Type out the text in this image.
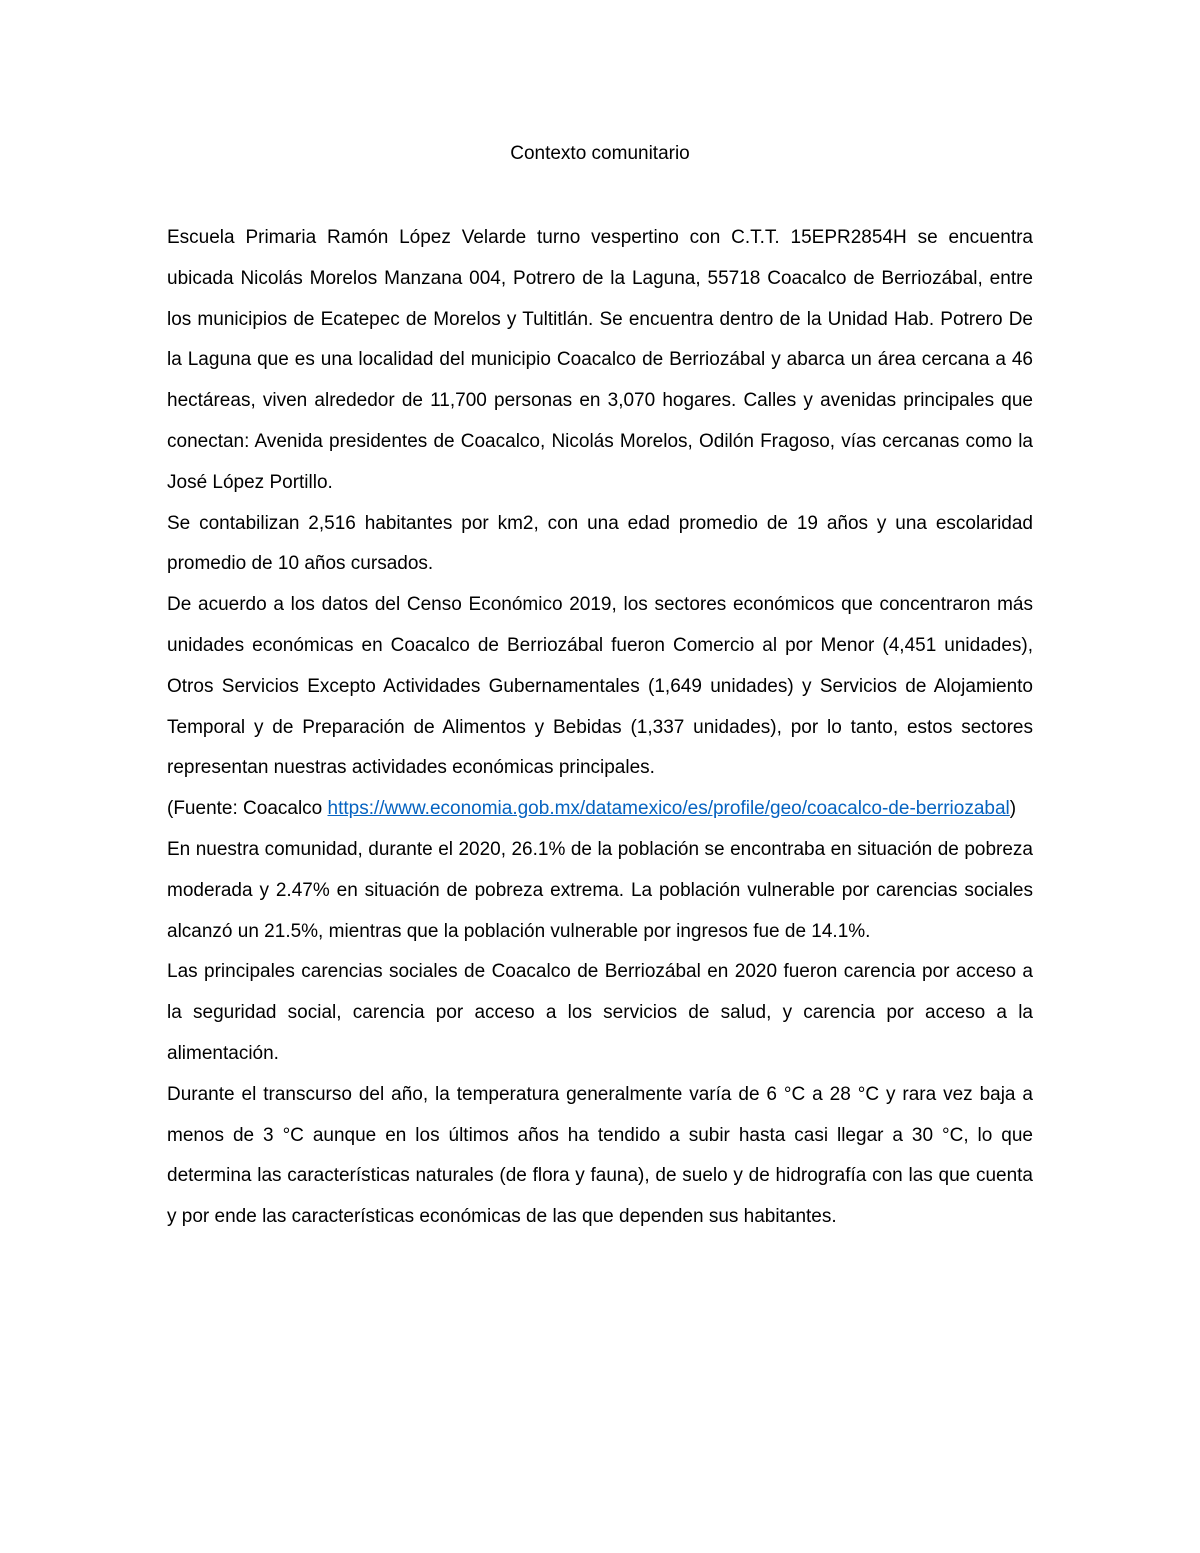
Contexto comunitario

Escuela Primaria Ramón López Velarde turno vespertino con C.T.T. 15EPR2854H se encuentra ubicada Nicolás Morelos Manzana 004, Potrero de la Laguna, 55718 Coacalco de Berriozábal, entre los municipios de Ecatepec de Morelos y Tultitlán. Se encuentra dentro de la Unidad Hab. Potrero De la Laguna que es una localidad del municipio Coacalco de Berriozábal y abarca un área cercana a 46 hectáreas, viven alrededor de 11,700 personas en 3,070 hogares. Calles y avenidas principales que conectan: Avenida presidentes de Coacalco, Nicolás Morelos, Odilón Fragoso, vías cercanas como la José López Portillo.

Se contabilizan 2,516 habitantes por km2, con una edad promedio de 19 años y una escolaridad promedio de 10 años cursados.

De acuerdo a los datos del Censo Económico 2019, los sectores económicos que concentraron más unidades económicas en Coacalco de Berriozábal fueron Comercio al por Menor (4,451 unidades), Otros Servicios Excepto Actividades Gubernamentales (1,649 unidades) y Servicios de Alojamiento Temporal y de Preparación de Alimentos y Bebidas (1,337 unidades), por lo tanto, estos sectores representan nuestras actividades económicas principales.

(Fuente: Coacalco https://www.economia.gob.mx/datamexico/es/profile/geo/coacalco-de-berriozabal)

En nuestra comunidad, durante el 2020, 26.1% de la población se encontraba en situación de pobreza moderada y 2.47% en situación de pobreza extrema. La población vulnerable por carencias sociales alcanzó un 21.5%, mientras que la población vulnerable por ingresos fue de 14.1%.

Las principales carencias sociales de Coacalco de Berriozábal en 2020 fueron carencia por acceso a la seguridad social, carencia por acceso a los servicios de salud, y carencia por acceso a la alimentación.

Durante el transcurso del año, la temperatura generalmente varía de 6 °C a 28 °C y rara vez baja a menos de 3 °C aunque en los últimos años ha tendido a subir hasta casi llegar a 30 °C, lo que determina las características naturales (de flora y fauna), de suelo y de hidrografía con las que cuenta y por ende las características económicas de las que dependen sus habitantes.
